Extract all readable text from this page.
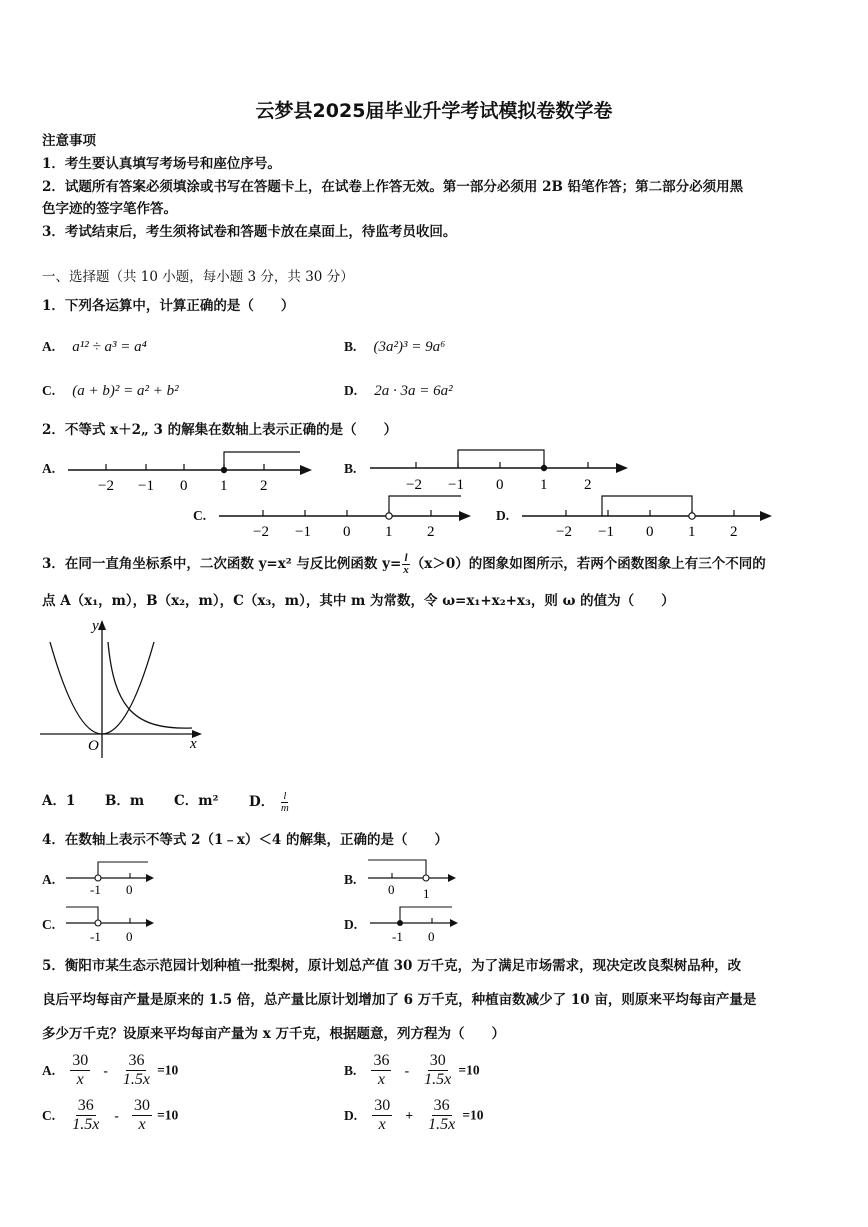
云梦县2025届毕业升学考试模拟卷数学卷
注意事项
1．考生要认真填写考场号和座位序号。
2．试题所有答案必须填涂或书写在答题卡上，在试卷上作答无效。第一部分必须用 2B 铅笔作答；第二部分必须用黑
色字迹的签字笔作答。
3．考试结束后，考生须将试卷和答题卡放在桌面上，待监考员收回。
一、选择题（共 10 小题，每小题 3 分，共 30 分）
1．下列各运算中，计算正确的是（　　）
A. a¹² ÷ a³ = a⁴	B. (3a²)³ = 9a⁶
C. (a + b)² = a² + b²	D. 2a · 3a = 6a²
2．不等式 x＋2„ 3 的解集在数轴上表示正确的是（　　）
A.
−2 −1 0 1 2
B.
−2 −1 0 1 2
C.
−2 −1 0 1 2
D.
−2 −1 0 1 2
3．在同一直角坐标系中，二次函数 y=x² 与反比例函数 $y= \frac{l}{x} (x>0)$的图象如图所示，若两个函数图象上有三个不同的
点 A（x₁，m），B（x₂，m），C（x₃，m），其中 m 为常数，令 ω=x₁+x₂+x₃，则 ω 的值为（　　）
y
x
O
A．1 B．m C．m² D． $\frac{l}{m}$
4．在数轴上表示不等式 2（1﹣x）＜4 的解集，正确的是（　　）
A.
-1 0
B.
0 1
C.
-1 0
D.
-1 0
5．衡阳市某生态示范园计划种植一批梨树，原计划总产值 30 万千克，为了满足市场需求，现决定改良梨树品种，改
良后平均每亩产量是原来的 1.5 倍，总产量比原计划增加了 6 万千克，种植亩数减少了 10 亩，则原来平均每亩产量是
多少万千克？设原来平均每亩产量为 x 万千克，根据题意，列方程为（　　）
A. $\frac{30}{x} - \frac{36}{1.5x} =10$	B. $\frac{36}{x} - \frac{30}{1.5x} =10$
C. $\frac{36}{1.5x} - \frac{30}{x} =10$	D. $\frac{30}{x} + \frac{36}{1.5x} =10$
